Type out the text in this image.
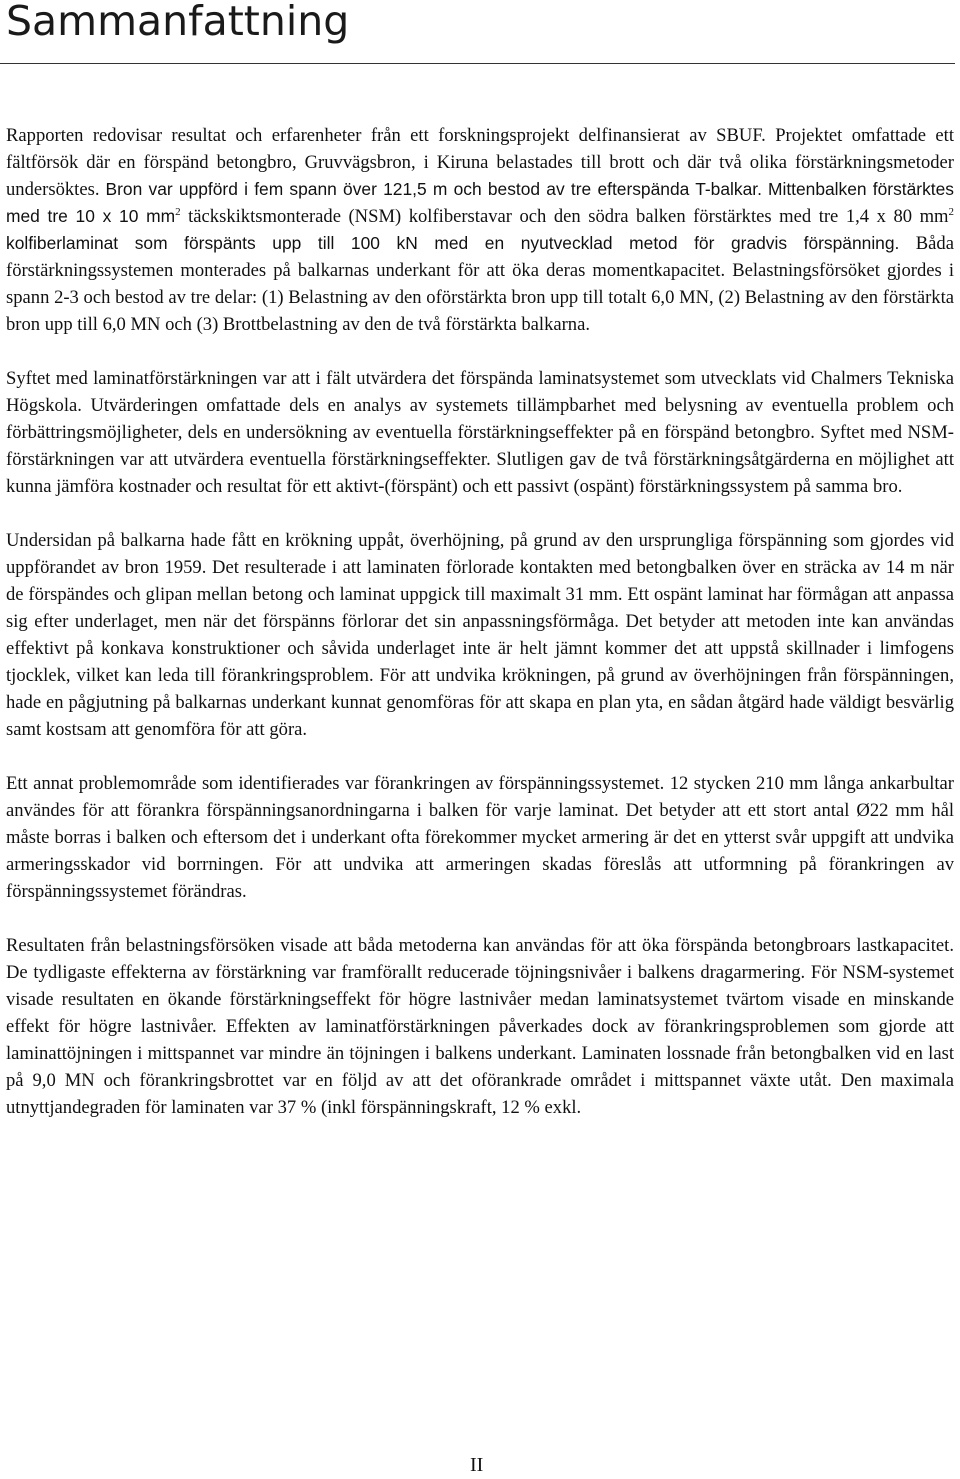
Sammanfattning

Rapporten redovisar resultat och erfarenheter från ett forskningsprojekt delfinansierat av SBUF. Projektet omfattade ett fältförsök där en förspänd betongbro, Gruvvägsbron, i Kiruna belastades till brott och där två olika förstärkningsmetoder undersöktes. Bron var uppförd i fem spann över 121,5 m och bestod av tre efterspända T-balkar. Mittenbalken förstärktes med tre 10 x 10 $mm^2$ täckskiktsmonterade (NSM) kolfiberstavar och den södra balken förstärktes med tre 1,4 x 80 $mm^2$ kolfiberlaminat som förspänts upp till 100 kN med en nyutvecklad metod för gradvis förspänning. Båda förstärkningssystemen monterades på balkarnas underkant för att öka deras momentkapacitet. Belastningsförsöket gjordes i spann 2-3 och bestod av tre delar: (1) Belastning av den oförstärkta bron upp till totalt 6,0 MN, (2) Belastning av den förstärkta bron upp till 6,0 MN och (3) Brottbelastning av den de två förstärkta balkarna.

Syftet med laminatförstärkningen var att i fält utvärdera det förspända laminatsystemet som utvecklats vid Chalmers Tekniska Högskola. Utvärderingen omfattade dels en analys av systemets tillämpbarhet med belysning av eventuella problem och förbättringsmöjligheter, dels en undersökning av eventuella förstärkningseffekter på en förspänd betongbro. Syftet med NSM-förstärkningen var att utvärdera eventuella förstärkningseffekter. Slutligen gav de två förstärkningsåtgärderna en möjlighet att kunna jämföra kostnader och resultat för ett aktivt-(förspänt) och ett passivt (ospänt) förstärkningssystem på samma bro.

Undersidan på balkarna hade fått en krökning uppåt, överhöjning, på grund av den ursprungliga förspänning som gjordes vid uppförandet av bron 1959. Det resulterade i att laminaten förlorade kontakten med betongbalken över en sträcka av 14 m när de förspändes och glipan mellan betong och laminat uppgick till maximalt 31 mm. Ett ospänt laminat har förmågan att anpassa sig efter underlaget, men när det förspänns förlorar det sin anpassningsförmåga. Det betyder att metoden inte kan användas effektivt på konkava konstruktioner och såvida underlaget inte är helt jämnt kommer det att uppstå skillnader i limfogens tjocklek, vilket kan leda till förankringsproblem. För att undvika krökningen, på grund av överhöjningen från förspänningen, hade en pågjutning på balkarnas underkant kunnat genomföras för att skapa en plan yta, en sådan åtgärd hade väldigt besvärlig samt kostsam att genomföra för att göra.

Ett annat problemområde som identifierades var förankringen av förspänningssystemet. 12 stycken 210 mm långa ankarbultar användes för att förankra förspänningsanordningarna i balken för varje laminat. Det betyder att ett stort antal Ø22 mm hål måste borras i balken och eftersom det i underkant ofta förekommer mycket armering är det en ytterst svår uppgift att undvika armeringsskador vid borrningen. För att undvika att armeringen skadas föreslås att utformning på förankringen av förspänningssystemet förändras.

Resultaten från belastningsförsöken visade att båda metoderna kan användas för att öka förspända betongbroars lastkapacitet. De tydligaste effekterna av förstärkning var framförallt reducerade töjningsnivåer i balkens dragarmering. För NSM-systemet visade resultaten en ökande förstärkningseffekt för högre lastnivåer medan laminatsystemet tvärtom visade en minskande effekt för högre lastnivåer. Effekten av laminatförstärkningen påverkades dock av förankringsproblemen som gjorde att laminattöjningen i mittspannet var mindre än töjningen i balkens underkant. Laminaten lossnade från betongbalken vid en last på 9,0 MN och förankringsbrottet var en följd av att det oförankrade området i mittspannet växte utåt. Den maximala utnyttjandegraden för laminaten var 37 % (inkl förspänningskraft, 12 % exkl.

II
